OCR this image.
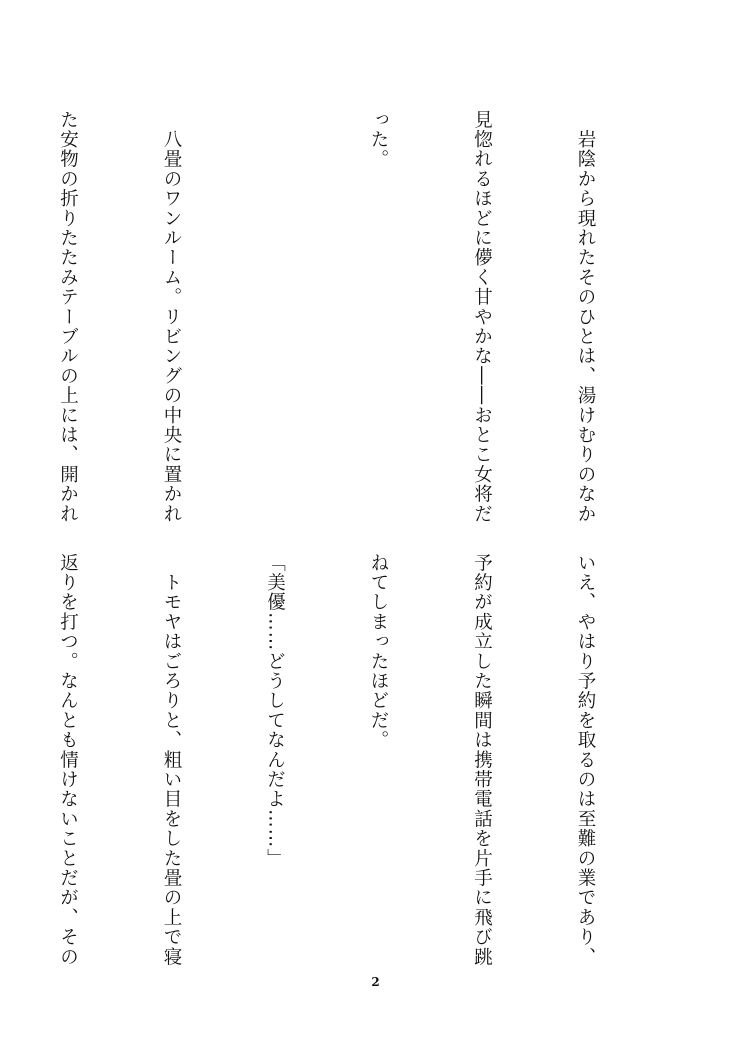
　岩陰から現れたそのひとは、湯けむりのなか

見惚れるほどに儚く甘やかな――おとこ女将だ

った。

　八畳のワンルーム。リビングの中央に置かれ

た安物の折りたたみテーブルの上には、開かれ

いえ、やはり予約を取るのは至難の業であり、

予約が成立した瞬間は携帯電話を片手に飛び跳

ねてしまったほどだ。

「美優……どうしてなんだよ……」

　トモヤはごろりと、粗い目をした畳の上で寝

返りを打つ。なんとも情けないことだが、その

2
